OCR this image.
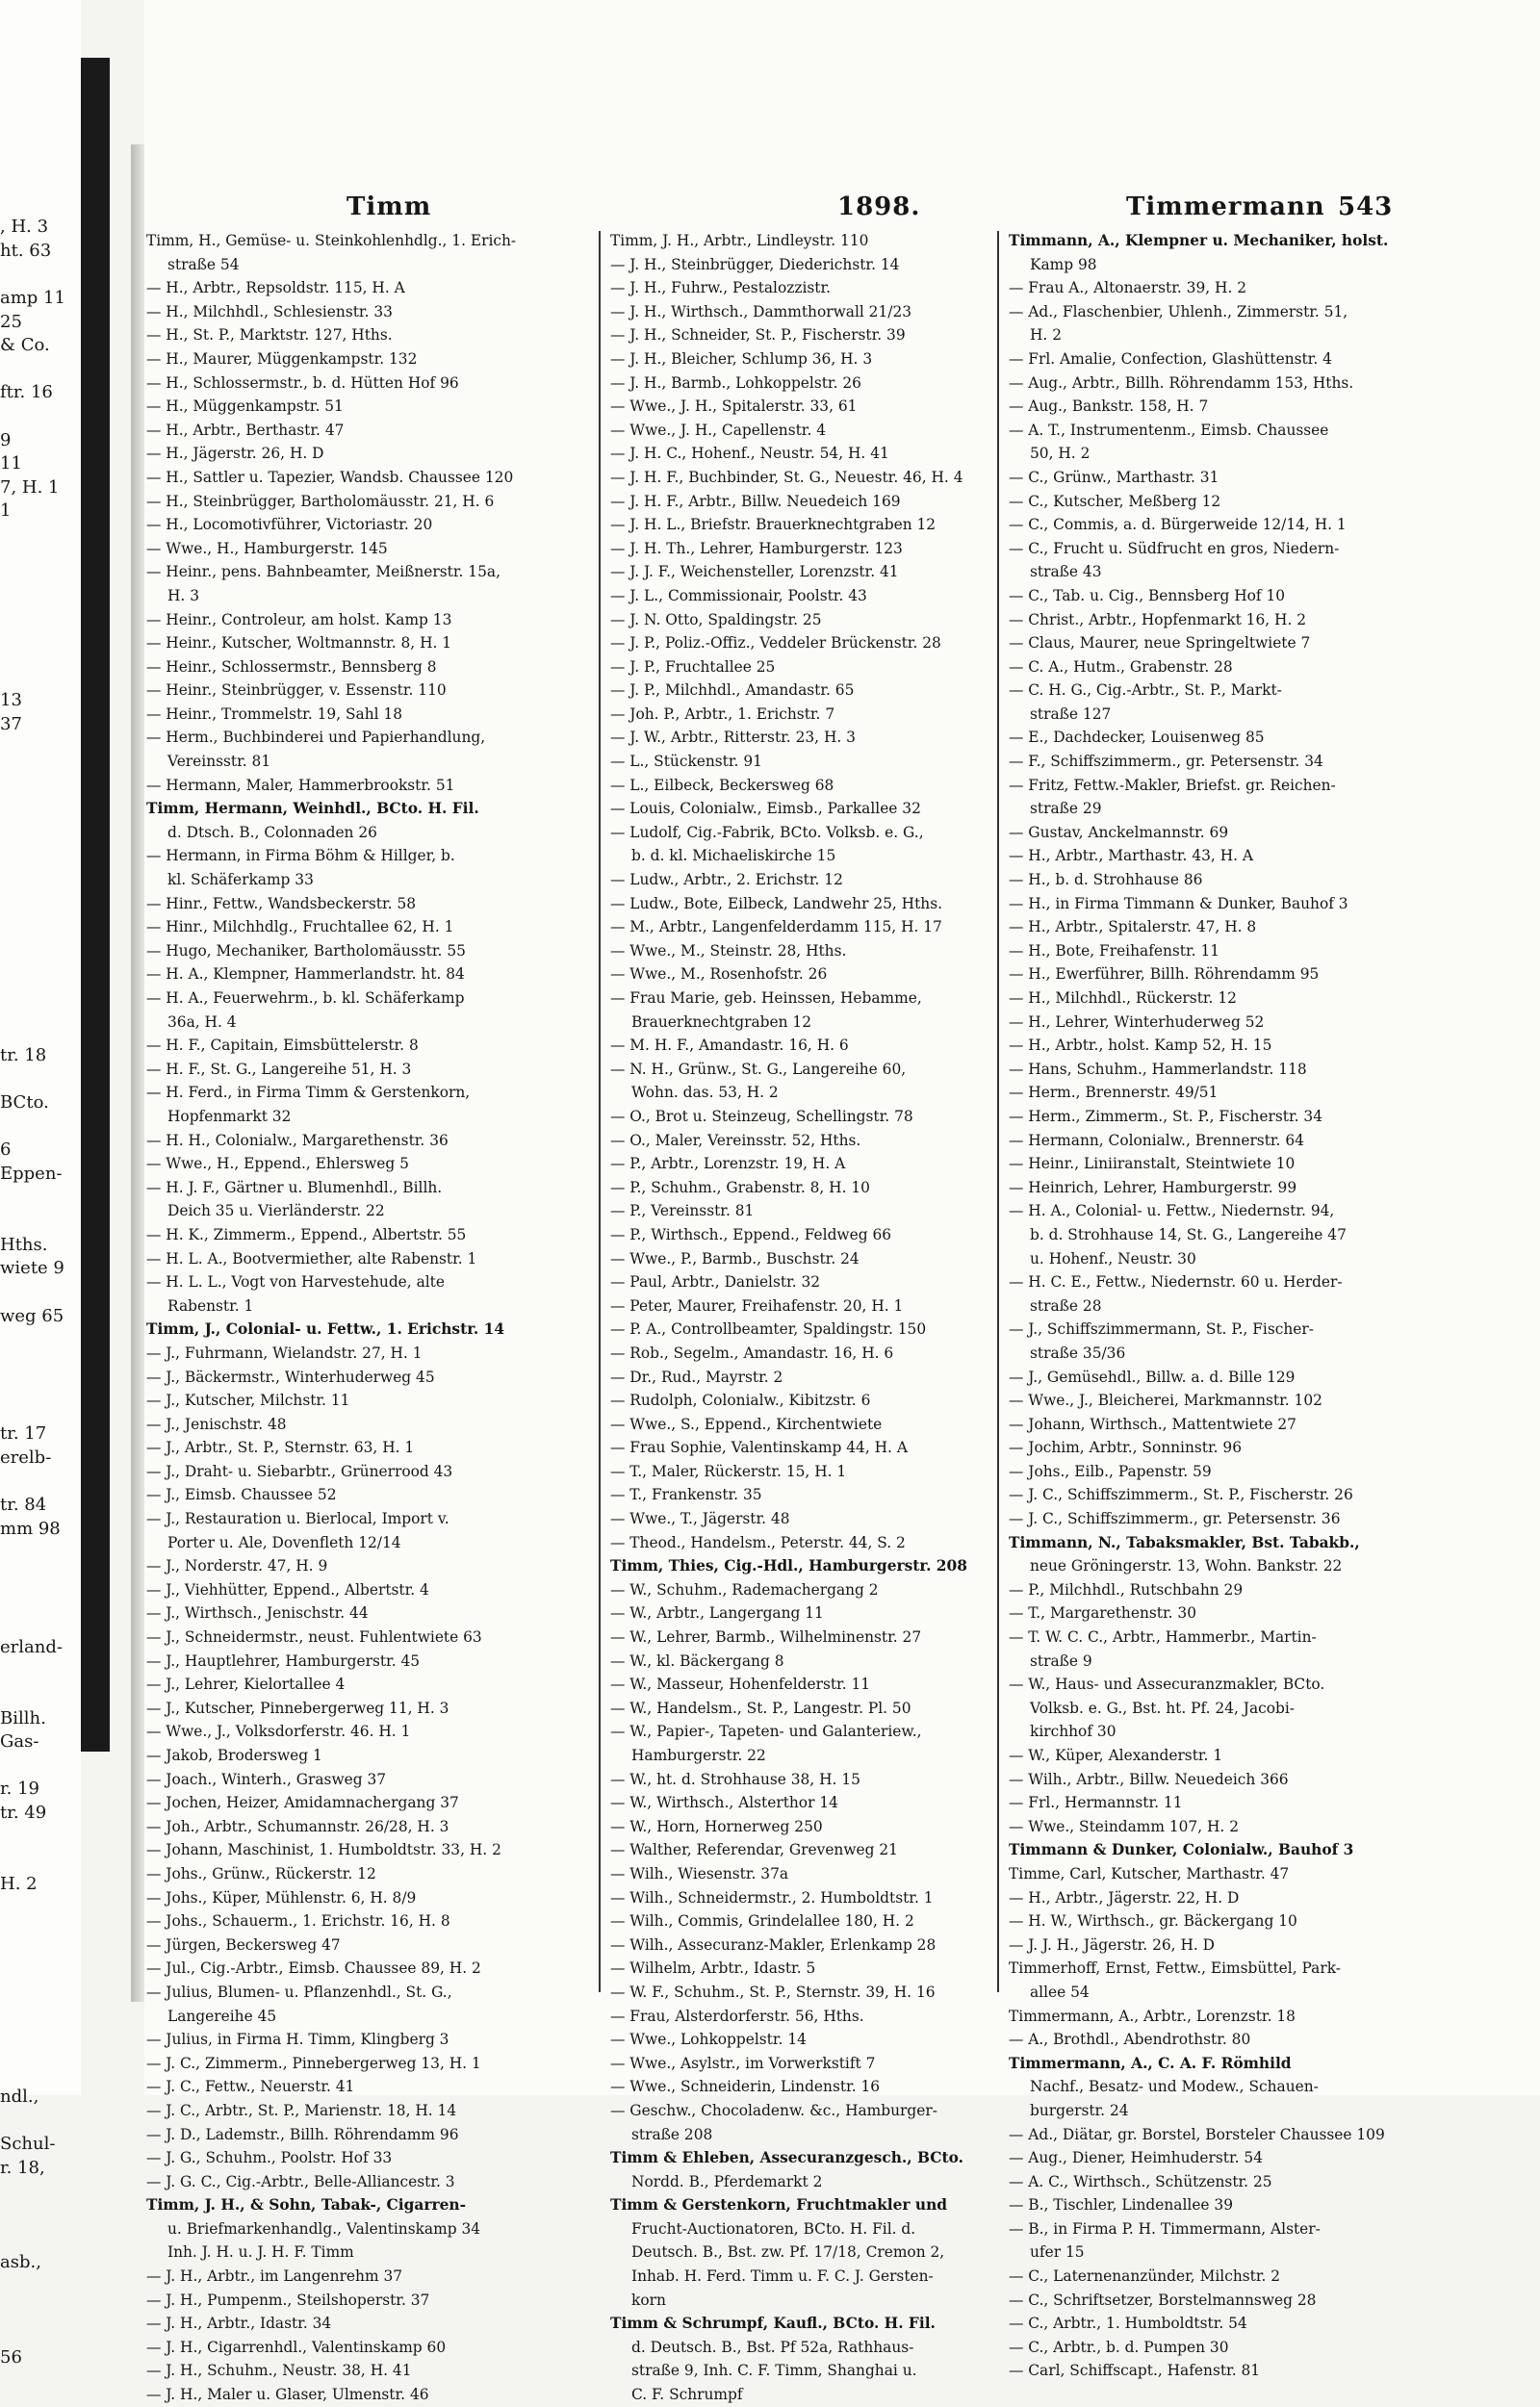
, H. 3
ht. 63
amp 11
25
& Co.
ftr. 16
9
11
7, H. 1
1
13
37
tr. 18
BCto.
6
Eppen-
Hths.
wiete 9
weg 65
tr. 17
erelb-
tr. 84
mm 98
erland-
Billh.
Gas-
r. 19
tr. 49
H. 2
ndl.,
Schul-
r. 18,
asb.,
56
Timm	1898.	Timmermann 543
Timm, H., Gemüse- u. Steinkohlenhdlg., 1. Erich-
straße 54
— H., Arbtr., Repsoldstr. 115, H. A
— H., Milchhdl., Schlesienstr. 33
— H., St. P., Marktstr. 127, Hths.
— H., Maurer, Müggenkampstr. 132
— H., Schlossermstr., b. d. Hütten Hof 96
— H., Müggenkampstr. 51
— H., Arbtr., Berthastr. 47
— H., Jägerstr. 26, H. D
— H., Sattler u. Tapezier, Wandsb. Chaussee 120
— H., Steinbrügger, Bartholomäusstr. 21, H. 6
— H., Locomotivführer, Victoriastr. 20
— Wwe., H., Hamburgerstr. 145
— Heinr., pens. Bahnbeamter, Meißnerstr. 15a,
H. 3
— Heinr., Controleur, am holst. Kamp 13
— Heinr., Kutscher, Woltmannstr. 8, H. 1
— Heinr., Schlossermstr., Bennsberg 8
— Heinr., Steinbrügger, v. Essenstr. 110
— Heinr., Trommelstr. 19, Sahl 18
— Herm., Buchbinderei und Papierhandlung,
Vereinsstr. 81
— Hermann, Maler, Hammerbrookstr. 51
Timm, Hermann, Weinhdl., BCto. H. Fil.
d. Dtsch. B., Colonnaden 26
— Hermann, in Firma Böhm & Hillger, b.
kl. Schäferkamp 33
— Hinr., Fettw., Wandsbeckerstr. 58
— Hinr., Milchhdlg., Fruchtallee 62, H. 1
— Hugo, Mechaniker, Bartholomäusstr. 55
— H. A., Klempner, Hammerlandstr. ht. 84
— H. A., Feuerwehrm., b. kl. Schäferkamp
36a, H. 4
— H. F., Capitain, Eimsbüttelerstr. 8
— H. F., St. G., Langereihe 51, H. 3
— H. Ferd., in Firma Timm & Gerstenkorn,
Hopfenmarkt 32
— H. H., Colonialw., Margarethenstr. 36
— Wwe., H., Eppend., Ehlersweg 5
— H. J. F., Gärtner u. Blumenhdl., Billh.
Deich 35 u. Vierländerstr. 22
— H. K., Zimmerm., Eppend., Albertstr. 55
— H. L. A., Bootvermiether, alte Rabenstr. 1
— H. L. L., Vogt von Harvestehude, alte
Rabenstr. 1
Timm, J., Colonial- u. Fettw., 1. Erichstr. 14
— J., Fuhrmann, Wielandstr. 27, H. 1
— J., Bäckermstr., Winterhuderweg 45
— J., Kutscher, Milchstr. 11
— J., Jenischstr. 48
— J., Arbtr., St. P., Sternstr. 63, H. 1
— J., Draht- u. Siebarbtr., Grünerrood 43
— J., Eimsb. Chaussee 52
— J., Restauration u. Bierlocal, Import v.
Porter u. Ale, Dovenfleth 12/14
— J., Norderstr. 47, H. 9
— J., Viehhütter, Eppend., Albertstr. 4
— J., Wirthsch., Jenischstr. 44
— J., Schneidermstr., neust. Fuhlentwiete 63
— J., Hauptlehrer, Hamburgerstr. 45
— J., Lehrer, Kielortallee 4
— J., Kutscher, Pinnebergerweg 11, H. 3
— Wwe., J., Volksdorferstr. 46. H. 1
— Jakob, Brodersweg 1
— Joach., Winterh., Grasweg 37
— Jochen, Heizer, Amidamnachergang 37
— Joh., Arbtr., Schumannstr. 26/28, H. 3
— Johann, Maschinist, 1. Humboldtstr. 33, H. 2
— Johs., Grünw., Rückerstr. 12
— Johs., Küper, Mühlenstr. 6, H. 8/9
— Johs., Schauerm., 1. Erichstr. 16, H. 8
— Jürgen, Beckersweg 47
— Jul., Cig.-Arbtr., Eimsb. Chaussee 89, H. 2
— Julius, Blumen- u. Pflanzenhdl., St. G.,
Langereihe 45
— Julius, in Firma H. Timm, Klingberg 3
— J. C., Zimmerm., Pinnebergerweg 13, H. 1
— J. C., Fettw., Neuerstr. 41
— J. C., Arbtr., St. P., Marienstr. 18, H. 14
— J. D., Lademstr., Billh. Röhrendamm 96
— J. G., Schuhm., Poolstr. Hof 33
— J. G. C., Cig.-Arbtr., Belle-Alliancestr. 3
Timm, J. H., & Sohn, Tabak-, Cigarren-
u. Briefmarkenhandlg., Valentinskamp 34
Inh. J. H. u. J. H. F. Timm
— J. H., Arbtr., im Langenrehm 37
— J. H., Pumpenm., Steilshoperstr. 37
— J. H., Arbtr., Idastr. 34
— J. H., Cigarrenhdl., Valentinskamp 60
— J. H., Schuhm., Neustr. 38, H. 41
— J. H., Maler u. Glaser, Ulmenstr. 46
Timm, J. H., Arbtr., Lindleystr. 110
— J. H., Steinbrügger, Diederichstr. 14
— J. H., Fuhrw., Pestalozzistr.
— J. H., Wirthsch., Dammthorwall 21/23
— J. H., Schneider, St. P., Fischerstr. 39
— J. H., Bleicher, Schlump 36, H. 3
— J. H., Barmb., Lohkoppelstr. 26
— Wwe., J. H., Spitalerstr. 33, 61
— Wwe., J. H., Capellenstr. 4
— J. H. C., Hohenf., Neustr. 54, H. 41
— J. H. F., Buchbinder, St. G., Neuestr. 46, H. 4
— J. H. F., Arbtr., Billw. Neuedeich 169
— J. H. L., Briefstr. Brauerknechtgraben 12
— J. H. Th., Lehrer, Hamburgerstr. 123
— J. J. F., Weichensteller, Lorenzstr. 41
— J. L., Commissionair, Poolstr. 43
— J. N. Otto, Spaldingstr. 25
— J. P., Poliz.-Offiz., Veddeler Brückenstr. 28
— J. P., Fruchtallee 25
— J. P., Milchhdl., Amandastr. 65
— Joh. P., Arbtr., 1. Erichstr. 7
— J. W., Arbtr., Ritterstr. 23, H. 3
— L., Stückenstr. 91
— L., Eilbeck, Beckersweg 68
— Louis, Colonialw., Eimsb., Parkallee 32
— Ludolf, Cig.-Fabrik, BCto. Volksb. e. G.,
b. d. kl. Michaeliskirche 15
— Ludw., Arbtr., 2. Erichstr. 12
— Ludw., Bote, Eilbeck, Landwehr 25, Hths.
— M., Arbtr., Langenfelderdamm 115, H. 17
— Wwe., M., Steinstr. 28, Hths.
— Wwe., M., Rosenhofstr. 26
— Frau Marie, geb. Heinssen, Hebamme,
Brauerknechtgraben 12
— M. H. F., Amandastr. 16, H. 6
— N. H., Grünw., St. G., Langereihe 60,
Wohn. das. 53, H. 2
— O., Brot u. Steinzeug, Schellingstr. 78
— O., Maler, Vereinsstr. 52, Hths.
— P., Arbtr., Lorenzstr. 19, H. A
— P., Schuhm., Grabenstr. 8, H. 10
— P., Vereinsstr. 81
— P., Wirthsch., Eppend., Feldweg 66
— Wwe., P., Barmb., Buschstr. 24
— Paul, Arbtr., Danielstr. 32
— Peter, Maurer, Freihafenstr. 20, H. 1
— P. A., Controllbeamter, Spaldingstr. 150
— Rob., Segelm., Amandastr. 16, H. 6
— Dr., Rud., Mayrstr. 2
— Rudolph, Colonialw., Kibitzstr. 6
— Wwe., S., Eppend., Kirchentwiete
— Frau Sophie, Valentinskamp 44, H. A
— T., Maler, Rückerstr. 15, H. 1
— T., Frankenstr. 35
— Wwe., T., Jägerstr. 48
— Theod., Handelsm., Peterstr. 44, S. 2
Timm, Thies, Cig.-Hdl., Hamburgerstr. 208
— W., Schuhm., Rademachergang 2
— W., Arbtr., Langergang 11
— W., Lehrer, Barmb., Wilhelminenstr. 27
— W., kl. Bäckergang 8
— W., Masseur, Hohenfelderstr. 11
— W., Handelsm., St. P., Langestr. Pl. 50
— W., Papier-, Tapeten- und Galanteriew.,
Hamburgerstr. 22
— W., ht. d. Strohhause 38, H. 15
— W., Wirthsch., Alsterthor 14
— W., Horn, Hornerweg 250
— Walther, Referendar, Grevenweg 21
— Wilh., Wiesenstr. 37a
— Wilh., Schneidermstr., 2. Humboldtstr. 1
— Wilh., Commis, Grindelallee 180, H. 2
— Wilh., Assecuranz-Makler, Erlenkamp 28
— Wilhelm, Arbtr., Idastr. 5
— W. F., Schuhm., St. P., Sternstr. 39, H. 16
— Frau, Alsterdorferstr. 56, Hths.
— Wwe., Lohkoppelstr. 14
— Wwe., Asylstr., im Vorwerkstift 7
— Wwe., Schneiderin, Lindenstr. 16
— Geschw., Chocoladenw. &c., Hamburger-
straße 208
Timm & Ehleben, Assecuranzgesch., BCto.
Nordd. B., Pferdemarkt 2
Timm & Gerstenkorn, Fruchtmakler und
Frucht-Auctionatoren, BCto. H. Fil. d.
Deutsch. B., Bst. zw. Pf. 17/18, Cremon 2,
Inhab. H. Ferd. Timm u. F. C. J. Gersten-
korn
Timm & Schrumpf, Kaufl., BCto. H. Fil.
d. Deutsch. B., Bst. Pf 52a, Rathhaus-
straße 9, Inh. C. F. Timm, Shanghai u.
C. F. Schrumpf
Timmann, A., Klempner u. Mechaniker, holst.
Kamp 98
— Frau A., Altonaerstr. 39, H. 2
— Ad., Flaschenbier, Uhlenh., Zimmerstr. 51,
H. 2
— Frl. Amalie, Confection, Glashüttenstr. 4
— Aug., Arbtr., Billh. Röhrendamm 153, Hths.
— Aug., Bankstr. 158, H. 7
— A. T., Instrumentenm., Eimsb. Chaussee
50, H. 2
— C., Grünw., Marthastr. 31
— C., Kutscher, Meßberg 12
— C., Commis, a. d. Bürgerweide 12/14, H. 1
— C., Frucht u. Südfrucht en gros, Niedern-
straße 43
— C., Tab. u. Cig., Bennsberg Hof 10
— Christ., Arbtr., Hopfenmarkt 16, H. 2
— Claus, Maurer, neue Springeltwiete 7
— C. A., Hutm., Grabenstr. 28
— C. H. G., Cig.-Arbtr., St. P., Markt-
straße 127
— E., Dachdecker, Louisenweg 85
— F., Schiffszimmerm., gr. Petersenstr. 34
— Fritz, Fettw.-Makler, Briefst. gr. Reichen-
straße 29
— Gustav, Anckelmannstr. 69
— H., Arbtr., Marthastr. 43, H. A
— H., b. d. Strohhause 86
— H., in Firma Timmann & Dunker, Bauhof 3
— H., Arbtr., Spitalerstr. 47, H. 8
— H., Bote, Freihafenstr. 11
— H., Ewerführer, Billh. Röhrendamm 95
— H., Milchhdl., Rückerstr. 12
— H., Lehrer, Winterhuderweg 52
— H., Arbtr., holst. Kamp 52, H. 15
— Hans, Schuhm., Hammerlandstr. 118
— Herm., Brennerstr. 49/51
— Herm., Zimmerm., St. P., Fischerstr. 34
— Hermann, Colonialw., Brennerstr. 64
— Heinr., Liniiranstalt, Steintwiete 10
— Heinrich, Lehrer, Hamburgerstr. 99
— H. A., Colonial- u. Fettw., Niedernstr. 94,
b. d. Strohhause 14, St. G., Langereihe 47
u. Hohenf., Neustr. 30
— H. C. E., Fettw., Niedernstr. 60 u. Herder-
straße 28
— J., Schiffszimmermann, St. P., Fischer-
straße 35/36
— J., Gemüsehdl., Billw. a. d. Bille 129
— Wwe., J., Bleicherei, Markmannstr. 102
— Johann, Wirthsch., Mattentwiete 27
— Jochim, Arbtr., Sonninstr. 96
— Johs., Eilb., Papenstr. 59
— J. C., Schiffszimmerm., St. P., Fischerstr. 26
— J. C., Schiffszimmerm., gr. Petersenstr. 36
Timmann, N., Tabaksmakler, Bst. Tabakb.,
neue Gröningerstr. 13, Wohn. Bankstr. 22
— P., Milchhdl., Rutschbahn 29
— T., Margarethenstr. 30
— T. W. C. C., Arbtr., Hammerbr., Martin-
straße 9
— W., Haus- und Assecuranzmakler, BCto.
Volksb. e. G., Bst. ht. Pf. 24, Jacobi-
kirchhof 30
— W., Küper, Alexanderstr. 1
— Wilh., Arbtr., Billw. Neuedeich 366
— Frl., Hermannstr. 11
— Wwe., Steindamm 107, H. 2
Timmann & Dunker, Colonialw., Bauhof 3
Timme, Carl, Kutscher, Marthastr. 47
— H., Arbtr., Jägerstr. 22, H. D
— H. W., Wirthsch., gr. Bäckergang 10
— J. J. H., Jägerstr. 26, H. D
Timmerhoff, Ernst, Fettw., Eimsbüttel, Park-
allee 54
Timmermann, A., Arbtr., Lorenzstr. 18
— A., Brothdl., Abendrothstr. 80
Timmermann, A., C. A. F. Römhild
Nachf., Besatz- und Modew., Schauen-
burgerstr. 24
— Ad., Diätar, gr. Borstel, Borsteler Chaussee 109
— Aug., Diener, Heimhuderstr. 54
— A. C., Wirthsch., Schützenstr. 25
— B., Tischler, Lindenallee 39
— B., in Firma P. H. Timmermann, Alster-
ufer 15
— C., Laternenanzünder, Milchstr. 2
— C., Schriftsetzer, Borstelmannsweg 28
— C., Arbtr., 1. Humboldtstr. 54
— C., Arbtr., b. d. Pumpen 30
— Carl, Schiffscapt., Hafenstr. 81
